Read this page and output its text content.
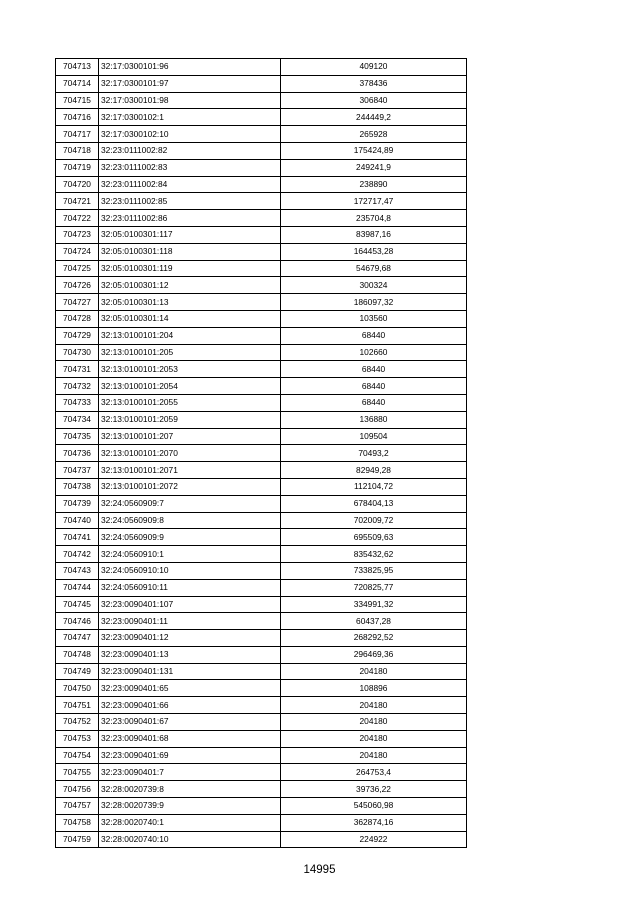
704713	32:17:0300101:96	409120
704714	32:17:0300101:97	378436
704715	32:17:0300101:98	306840
704716	32:17:0300102:1	244449,2
704717	32:17:0300102:10	265928
704718	32:23:0111002:82	175424,89
704719	32:23:0111002:83	249241,9
704720	32:23:0111002:84	238890
704721	32:23:0111002:85	172717,47
704722	32:23:0111002:86	235704,8
704723	32:05:0100301:117	83987,16
704724	32:05:0100301:118	164453,28
704725	32:05:0100301:119	54679,68
704726	32:05:0100301:12	300324
704727	32:05:0100301:13	186097,32
704728	32:05:0100301:14	103560
704729	32:13:0100101:204	68440
704730	32:13:0100101:205	102660
704731	32:13:0100101:2053	68440
704732	32:13:0100101:2054	68440
704733	32:13:0100101:2055	68440
704734	32:13:0100101:2059	136880
704735	32:13:0100101:207	109504
704736	32:13:0100101:2070	70493,2
704737	32:13:0100101:2071	82949,28
704738	32:13:0100101:2072	112104,72
704739	32:24:0560909:7	678404,13
704740	32:24:0560909:8	702009,72
704741	32:24:0560909:9	695509,63
704742	32:24:0560910:1	835432,62
704743	32:24:0560910:10	733825,95
704744	32:24:0560910:11	720825,77
704745	32:23:0090401:107	334991,32
704746	32:23:0090401:11	60437,28
704747	32:23:0090401:12	268292,52
704748	32:23:0090401:13	296469,36
704749	32:23:0090401:131	204180
704750	32:23:0090401:65	108896
704751	32:23:0090401:66	204180
704752	32:23:0090401:67	204180
704753	32:23:0090401:68	204180
704754	32:23:0090401:69	204180
704755	32:23:0090401:7	264753,4
704756	32:28:0020739:8	39736,22
704757	32:28:0020739:9	545060,98
704758	32:28:0020740:1	362874,16
704759	32:28:0020740:10	224922
14995
